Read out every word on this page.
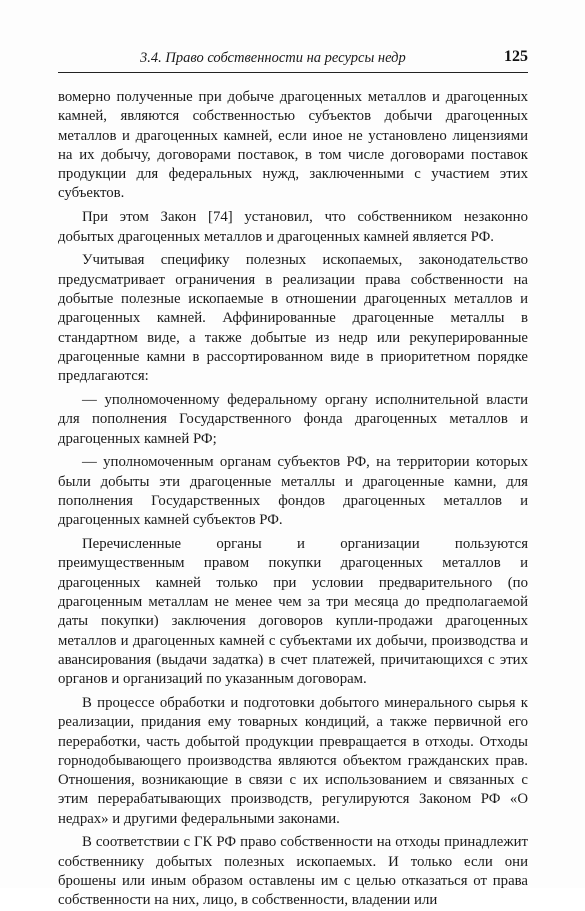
3.4. Право собственности на ресурсы недр	125

вомерно полученные при добыче драгоценных металлов и драгоценных камней, являются собственностью субъектов добычи драгоценных металлов и драгоценных камней, если иное не установлено лицензиями на их добычу, договорами поставок, в том числе договорами поставок продукции для федеральных нужд, заключенными с участием этих субъектов.

При этом Закон [74] установил, что собственником незаконно добытых драгоценных металлов и драгоценных камней является РФ.

Учитывая специфику полезных ископаемых, законодательство предусматривает ограничения в реализации права собственности на добытые полезные ископаемые в отношении драгоценных металлов и драгоценных камней. Аффинированные драгоценные металлы в стандартном виде, а также добытые из недр или рекуперированные драгоценные камни в рассортированном виде в приоритетном порядке предлагаются:

— уполномоченному федеральному органу исполнительной власти для пополнения Государственного фонда драгоценных металлов и драгоценных камней РФ;

— уполномоченным органам субъектов РФ, на территории которых были добыты эти драгоценные металлы и драгоценные камни, для пополнения Государственных фондов драгоценных металлов и драгоценных камней субъектов РФ.

Перечисленные органы и организации пользуются преимущественным правом покупки драгоценных металлов и драгоценных камней только при условии предварительного (по драгоценным металлам не менее чем за три месяца до предполагаемой даты покупки) заключения договоров купли-продажи драгоценных металлов и драгоценных камней с субъектами их добычи, производства и авансирования (выдачи задатка) в счет платежей, причитающихся с этих органов и организаций по указанным договорам.

В процессе обработки и подготовки добытого минерального сырья к реализации, придания ему товарных кондиций, а также первичной его переработки, часть добытой продукции превращается в отходы. Отходы горнодобывающего производства являются объектом гражданских прав. Отношения, возникающие в связи с их использованием и связанных с этим перерабатывающих производств, регулируются Законом РФ «О недрах» и другими федеральными законами.

В соответствии с ГК РФ право собственности на отходы принадлежит собственнику добытых полезных ископаемых. И только если они брошены или иным образом оставлены им с целью отказаться от права собственности на них, лицо, в собственности, владении или
